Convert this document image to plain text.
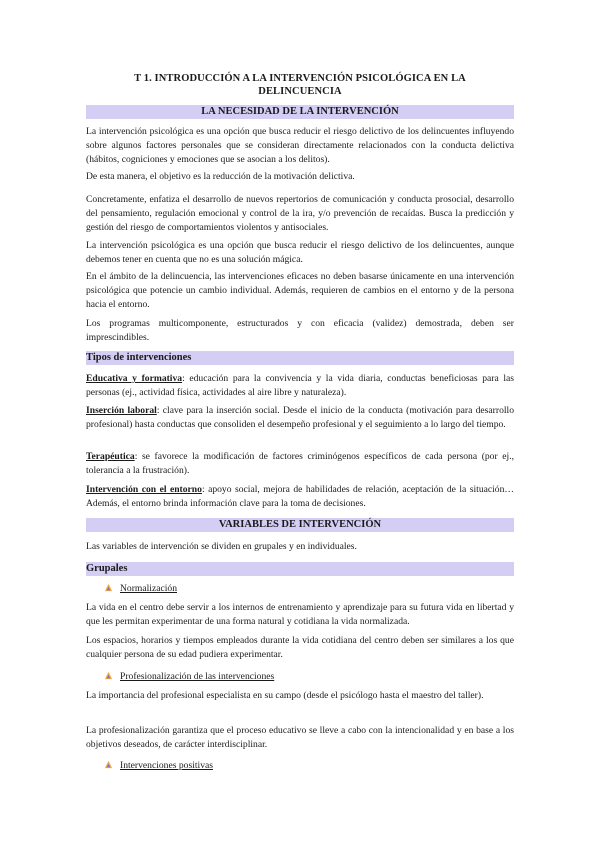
T 1. INTRODUCCIÓN A LA INTERVENCIÓN PSICOLÓGICA EN LA
DELINCUENCIA
LA NECESIDAD DE LA INTERVENCIÓN

La intervención psicológica es una opción que busca reducir el riesgo delictivo de los delincuentes influyendo sobre algunos factores personales que se consideran directamente relacionados con la conducta delictiva (hábitos, cogniciones y emociones que se asocian a los delitos).

De esta manera, el objetivo es la reducción de la motivación delictiva.

Concretamente, enfatiza el desarrollo de nuevos repertorios de comunicación y conducta prosocial, desarrollo del pensamiento, regulación emocional y control de la ira, y/o prevención de recaídas. Busca la predicción y gestión del riesgo de comportamientos violentos y antisociales.

La intervención psicológica es una opción que busca reducir el riesgo delictivo de los delincuentes, aunque debemos tener en cuenta que no es una solución mágica.

En el ámbito de la delincuencia, las intervenciones eficaces no deben basarse únicamente en una intervención psicológica que potencie un cambio individual. Además, requieren de cambios en el entorno y de la persona hacia el entorno.

Los programas multicomponente, estructurados y con eficacia (validez) demostrada, deben ser imprescindibles.

Tipos de intervenciones

Educativa y formativa: educación para la convivencia y la vida diaria, conductas beneficiosas para las personas (ej., actividad física, actividades al aire libre y naturaleza).

Inserción laboral: clave para la inserción social. Desde el inicio de la conducta (motivación para desarrollo profesional) hasta conductas que consoliden el desempeño profesional y el seguimiento a lo largo del tiempo.

Terapéutica: se favorece la modificación de factores criminógenos específicos de cada persona (por ej., tolerancia a la frustración).

Intervención con el entorno: apoyo social, mejora de habilidades de relación, aceptación de la situación… Además, el entorno brinda información clave para la toma de decisiones.

VARIABLES DE INTERVENCIÓN

Las variables de intervención se dividen en grupales y en individuales.

Grupales
Normalización

La vida en el centro debe servir a los internos de entrenamiento y aprendizaje para su futura vida en libertad y que les permitan experimentar de una forma natural y cotidiana la vida normalizada.

Los espacios, horarios y tiempos empleados durante la vida cotidiana del centro deben ser similares a los que cualquier persona de su edad pudiera experimentar.

Profesionalización de las intervenciones

La importancia del profesional especialista en su campo (desde el psicólogo hasta el maestro del taller).

La profesionalización garantiza que el proceso educativo se lleve a cabo con la intencionalidad y en base a los objetivos deseados, de carácter interdisciplinar.

Intervenciones positivas
